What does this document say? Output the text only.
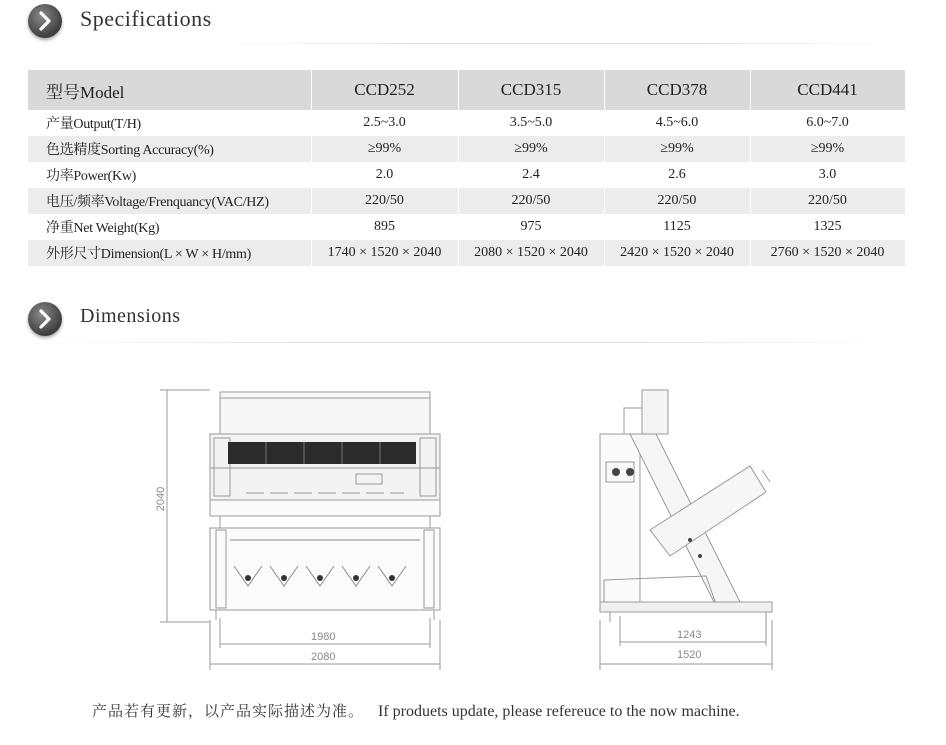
Specifications
型号Model	CCD252	CCD315	CCD378	CCD441
产量Output(T/H)	2.5~3.0	3.5~5.0	4.5~6.0	6.0~7.0
色选精度Sorting Accuracy(%)	≥99%	≥99%	≥99%	≥99%
功率Power(Kw)	2.0	2.4	2.6	3.0
电压/频率Voltage/Frenquancy(VAC/HZ)	220/50	220/50	220/50	220/50
净重Net Weight(Kg)	895	975	1125	1325
外形尺寸Dimension(L × W × H/mm)	1740 × 1520 × 2040	2080 × 1520 × 2040	2420 × 1520 × 2040	2760 × 1520 × 2040
Dimensions
2040
1980
2080
1243
1520
产品若有更新，以产品实际描述为准。 If produets update, please refereuce to the now machine.
